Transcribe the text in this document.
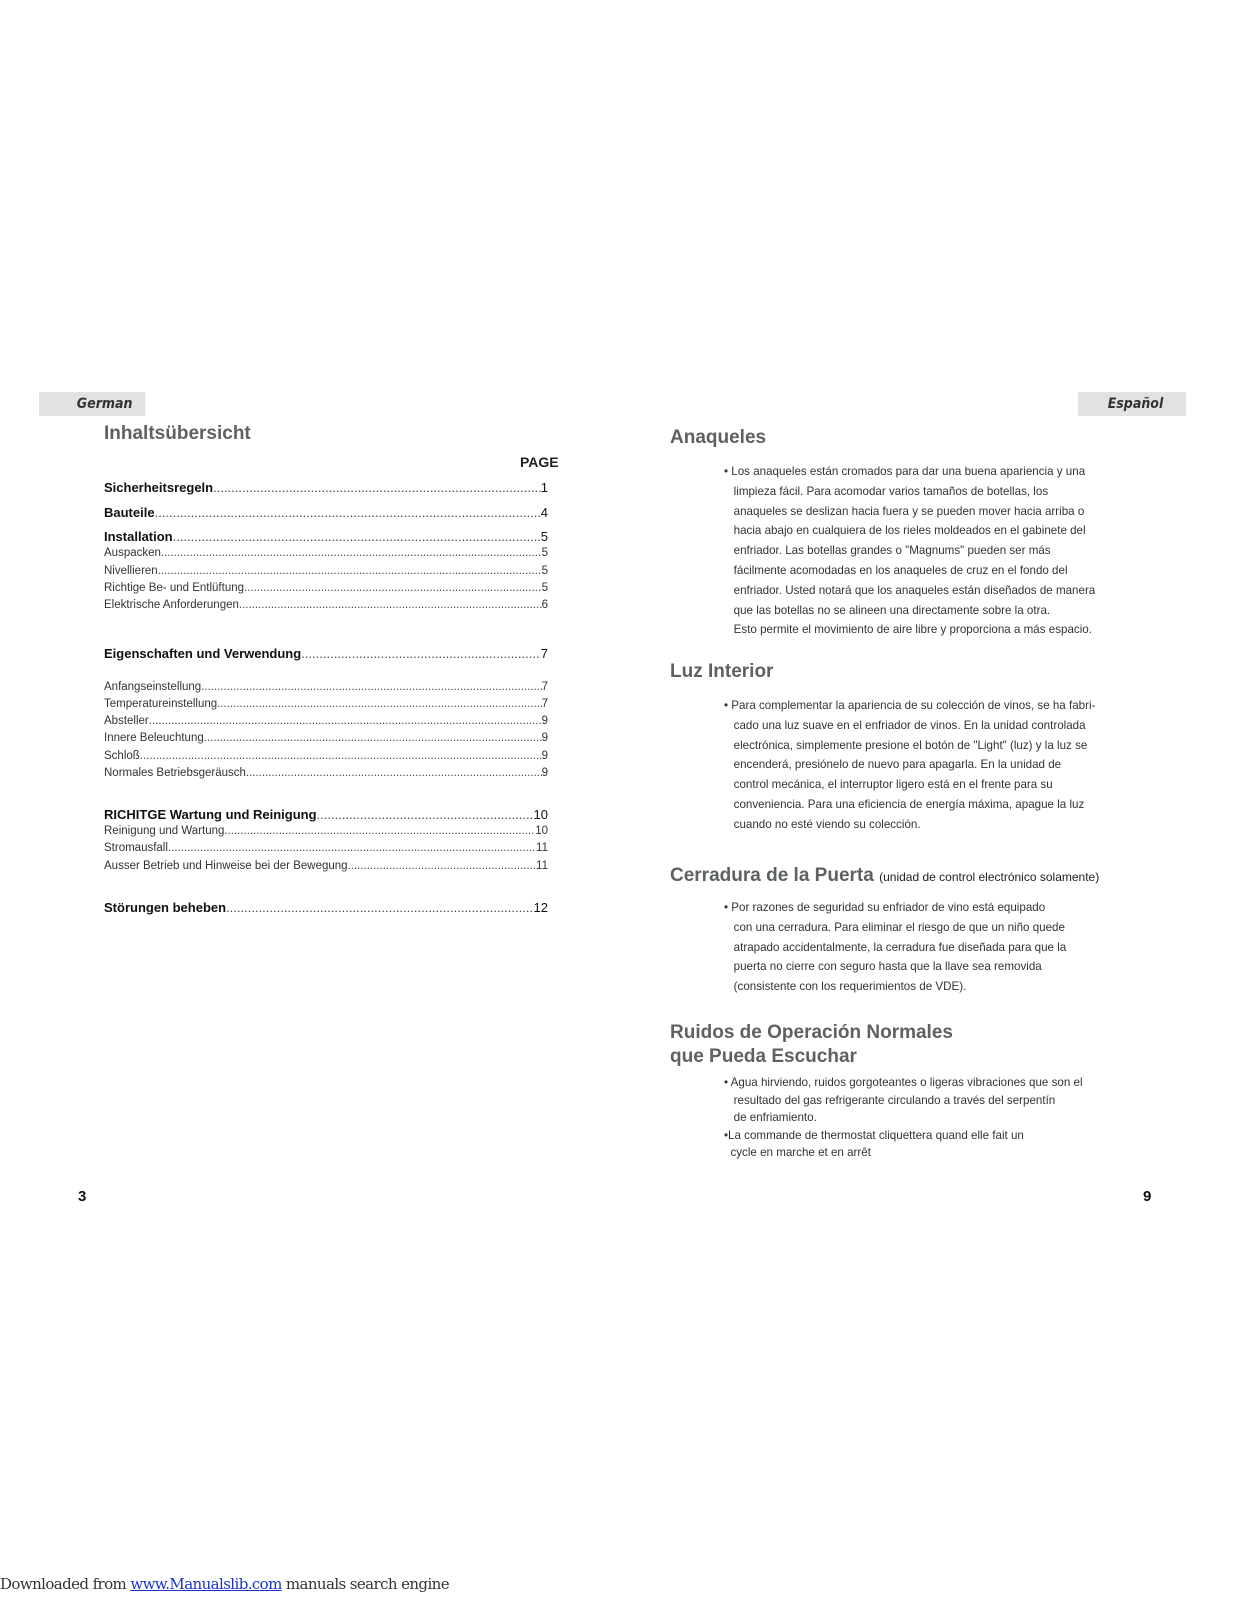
German
Inhaltsübersicht
PAGE
Sicherheitsregeln .....	1
Bauteile .....	4
Installation .....	5
Auspacken .....	5
Nivellieren .....	5
Richtige Be- und Entlüftung .....	5
Elektrische Anforderungen .....	6
Eigenschaften und Verwendung .....	7
Anfangseinstellung .....	7
Temperatureinstellung .....	7
Absteller .....	9
Innere Beleuchtung .....	9
Schloß .....	9
Normales Betriebsgeräusch .....	9
RICHITGE Wartung und Reinigung .....	10
Reinigung und Wartung .....	10
Stromausfall .....	11
Ausser Betrieb und Hinweise bei der Bewegung .....	11
Störungen beheben .....	12
3
Español
Anaqueles

• Los anaqueles están cromados para dar una buena apariencia y una
limpieza fácil. Para acomodar varios tamaños de botellas, los
anaqueles se deslizan hacia fuera y se pueden mover hacia arriba o
hacia abajo en cualquiera de los rieles moldeados en el gabinete del
enfriador. Las botellas grandes o "Magnums" pueden ser más
fácilmente acomodadas en los anaqueles de cruz en el fondo del
enfriador. Usted notará que los anaqueles están diseñados de manera
que las botellas no se alineen una directamente sobre la otra.
Esto permite el movimiento de aire libre y proporciona a más espacio.

Luz Interior

• Para complementar la apariencia de su colección de vinos, se ha fabri-
cado una luz suave en el enfriador de vinos. En la unidad controlada
electrónica, simplemente presione el botón de "Light" (luz) y la luz se
encenderá, presiónelo de nuevo para apagarla. En la unidad de
control mecánica, el interruptor ligero está en el frente para su
conveniencia. Para una eficiencia de energía máxima, apague la luz
cuando no esté viendo su colección.

Cerradura de la Puerta (unidad de control electrónico solamente)

• Por razones de seguridad su enfriador de vino está equipado
con una cerradura. Para eliminar el riesgo de que un niño quede
atrapado accidentalmente, la cerradura fue diseñada para que la
puerta no cierre con seguro hasta que la llave sea removida
(consistente con los requerimientos de VDE).

Ruidos de Operación Normales
que Pueda Escuchar

• Agua hirviendo, ruidos gorgoteantes o ligeras vibraciones que son el
resultado del gas refrigerante circulando a través del serpentín
de enfriamiento.
•La commande de thermostat cliquettera quand elle fait un
cycle en marche et en arrêt

9
Downloaded from www.Manualslib.com manuals search engine
